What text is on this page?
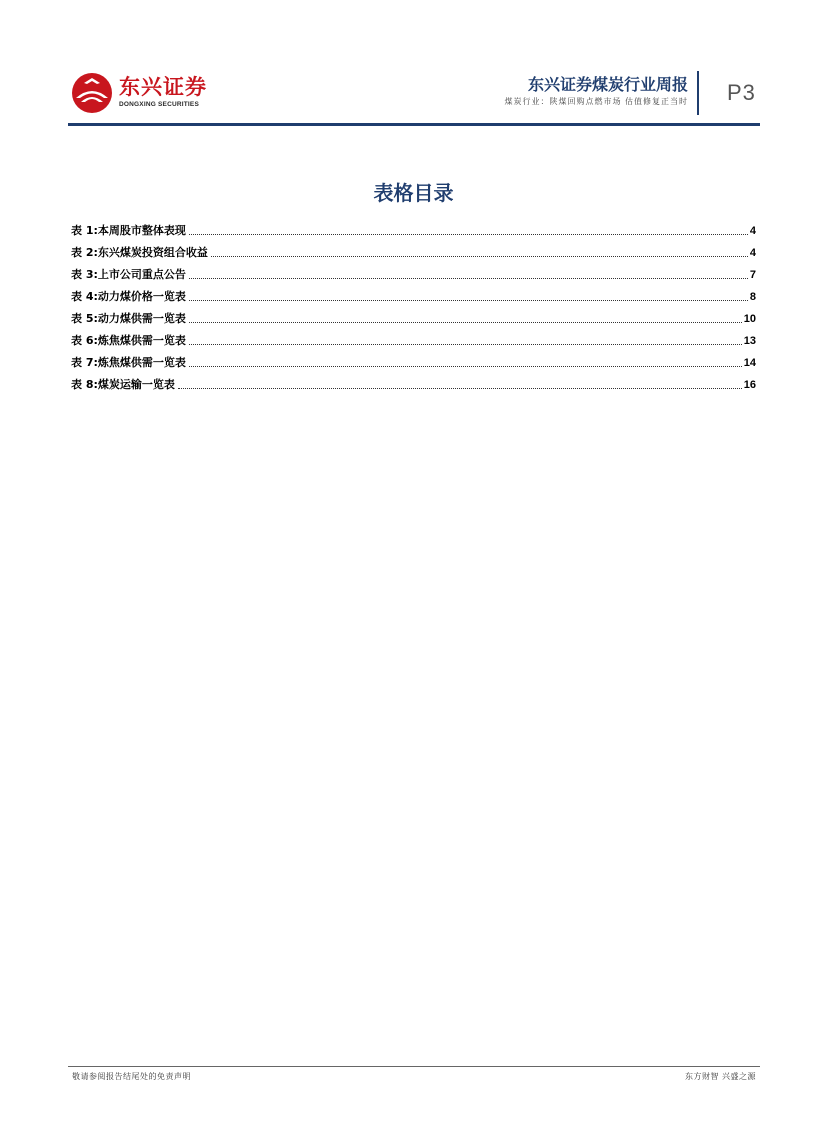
东兴证券
DONGXING SECURITIES
东兴证券煤炭行业周报
煤炭行业：陕煤回购点燃市场 估值修复正当时 P3
表格目录
表 1:本周股市整体表现	4
表 2:东兴煤炭投资组合收益	4
表 3:上市公司重点公告	7
表 4:动力煤价格一览表	8
表 5:动力煤供需一览表	10
表 6:炼焦煤供需一览表	13
表 7:炼焦煤供需一览表	14
表 8:煤炭运输一览表	16
敬请参阅报告结尾处的免责声明	东方财智 兴盛之源
